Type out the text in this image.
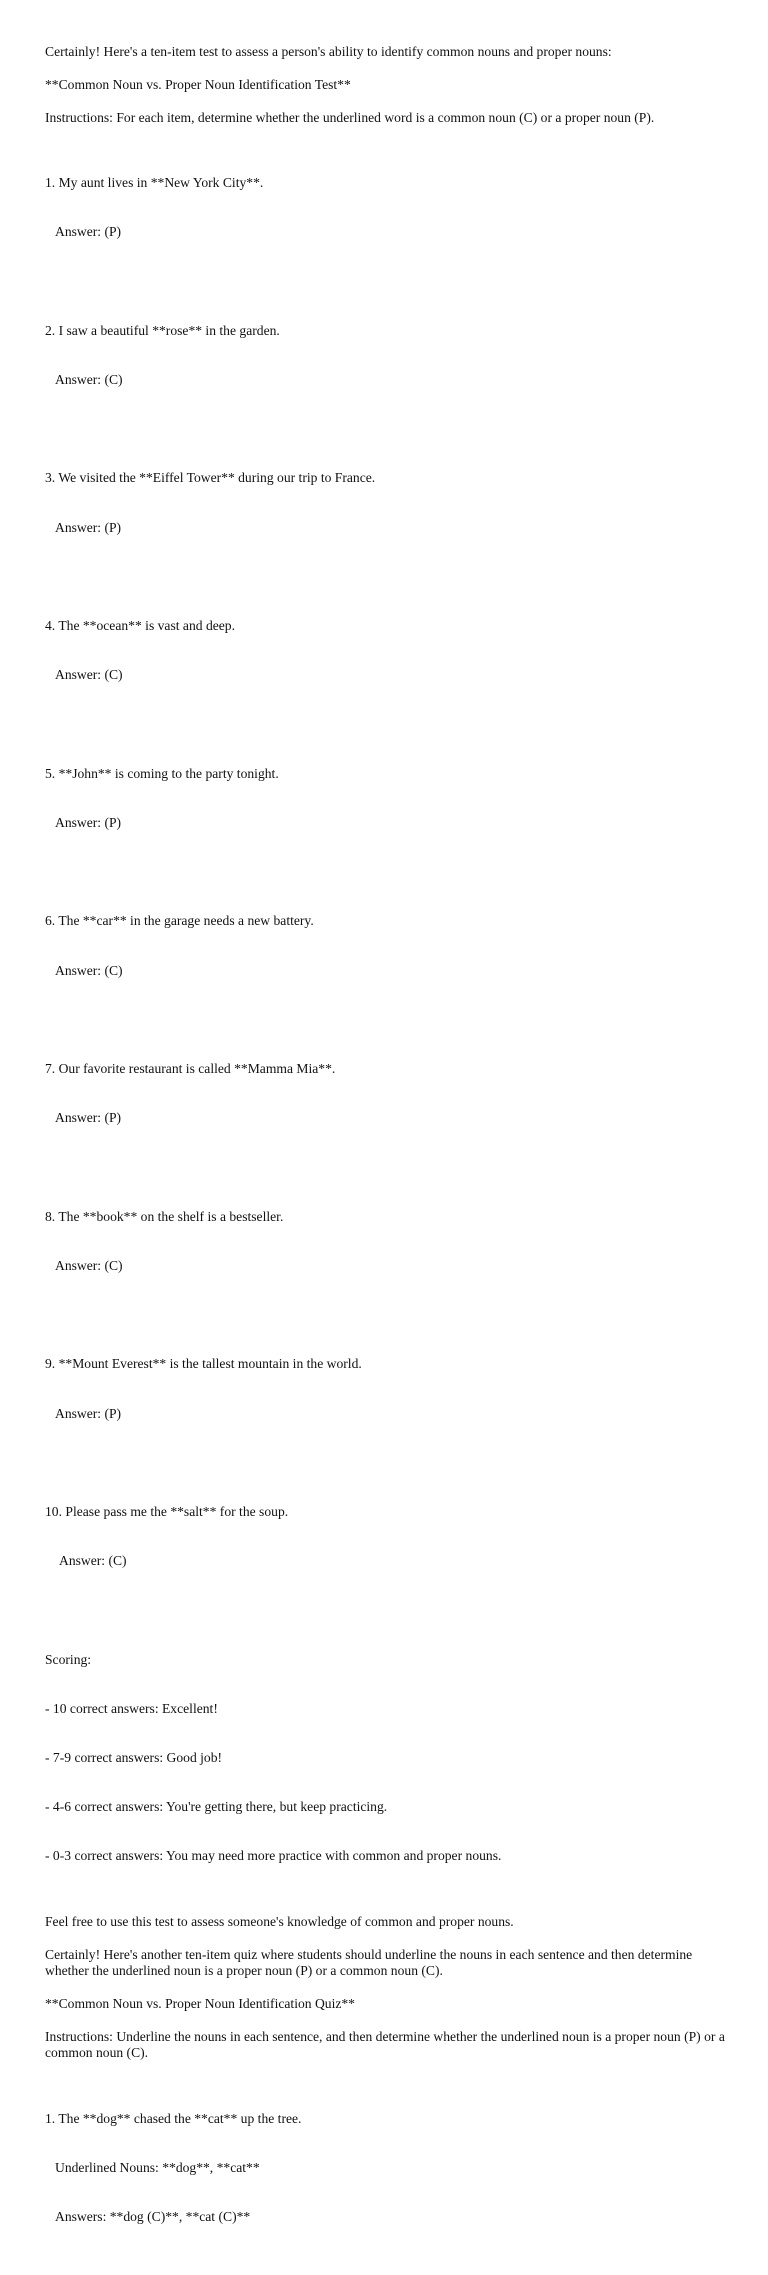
Certainly! Here's a ten-item test to assess a person's ability to identify common nouns and proper nouns:

**Common Noun vs. Proper Noun Identification Test**

Instructions: For each item, determine whether the underlined word is a common noun (C) or a proper noun (P).

1. My aunt lives in **New York City**.

Answer: (P)

2. I saw a beautiful **rose** in the garden.

Answer: (C)

3. We visited the **Eiffel Tower** during our trip to France.

Answer: (P)

4. The **ocean** is vast and deep.

Answer: (C)

5. **John** is coming to the party tonight.

Answer: (P)

6. The **car** in the garage needs a new battery.

Answer: (C)

7. Our favorite restaurant is called **Mamma Mia**.

Answer: (P)

8. The **book** on the shelf is a bestseller.

Answer: (C)

9. **Mount Everest** is the tallest mountain in the world.

Answer: (P)

10. Please pass me the **salt** for the soup.

Answer: (C)

Scoring:

- 10 correct answers: Excellent!

- 7-9 correct answers: Good job!

- 4-6 correct answers: You're getting there, but keep practicing.

- 0-3 correct answers: You may need more practice with common and proper nouns.

Feel free to use this test to assess someone's knowledge of common and proper nouns.

Certainly! Here's another ten-item quiz where students should underline the nouns in each sentence and then determine whether the underlined noun is a proper noun (P) or a common noun (C).

**Common Noun vs. Proper Noun Identification Quiz**

Instructions: Underline the nouns in each sentence, and then determine whether the underlined noun is a proper noun (P) or a common noun (C).

1. The **dog** chased the **cat** up the tree.

Underlined Nouns: **dog**, **cat**

Answers: **dog (C)**, **cat (C)**
